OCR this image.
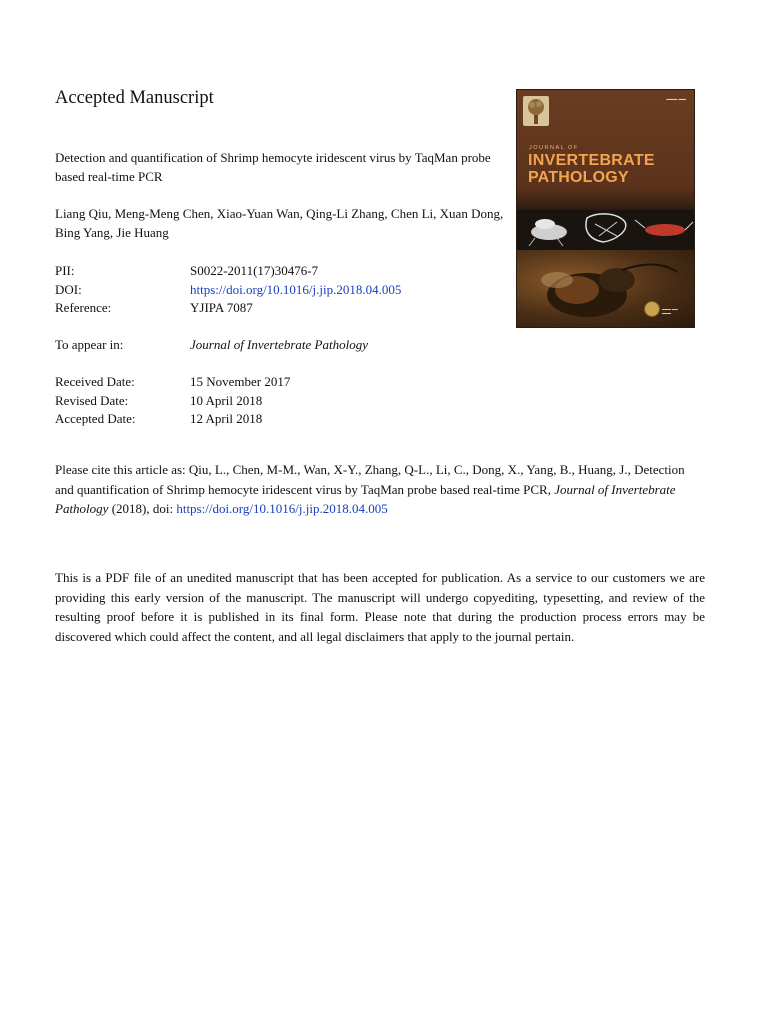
Accepted Manuscript
Detection and quantification of Shrimp hemocyte iridescent virus by TaqMan probe based real-time PCR
Liang Qiu, Meng-Meng Chen, Xiao-Yuan Wan, Qing-Li Zhang, Chen Li, Xuan Dong, Bing Yang, Jie Huang
PII:	S0022-2011(17)30476-7
DOI:	https://doi.org/10.1016/j.jip.2018.04.005
Reference:	YJIPA 7087
To appear in:	Journal of Invertebrate Pathology
Received Date:	15 November 2017
Revised Date:	10 April 2018
Accepted Date:	12 April 2018
Please cite this article as: Qiu, L., Chen, M-M., Wan, X-Y., Zhang, Q-L., Li, C., Dong, X., Yang, B., Huang, J., Detection and quantification of Shrimp hemocyte iridescent virus by TaqMan probe based real-time PCR, Journal of Invertebrate Pathology (2018), doi: https://doi.org/10.1016/j.jip.2018.04.005
This is a PDF file of an unedited manuscript that has been accepted for publication. As a service to our customers we are providing this early version of the manuscript. The manuscript will undergo copyediting, typesetting, and review of the resulting proof before it is published in its final form. Please note that during the production process errors may be discovered which could affect the content, and all legal disclaimers that apply to the journal pertain.
▬▬▬ ▬▬
JOURNAL OF
INVERTEBRATE
PATHOLOGY
▬▬▬ ▬▬ ▬▬▬
